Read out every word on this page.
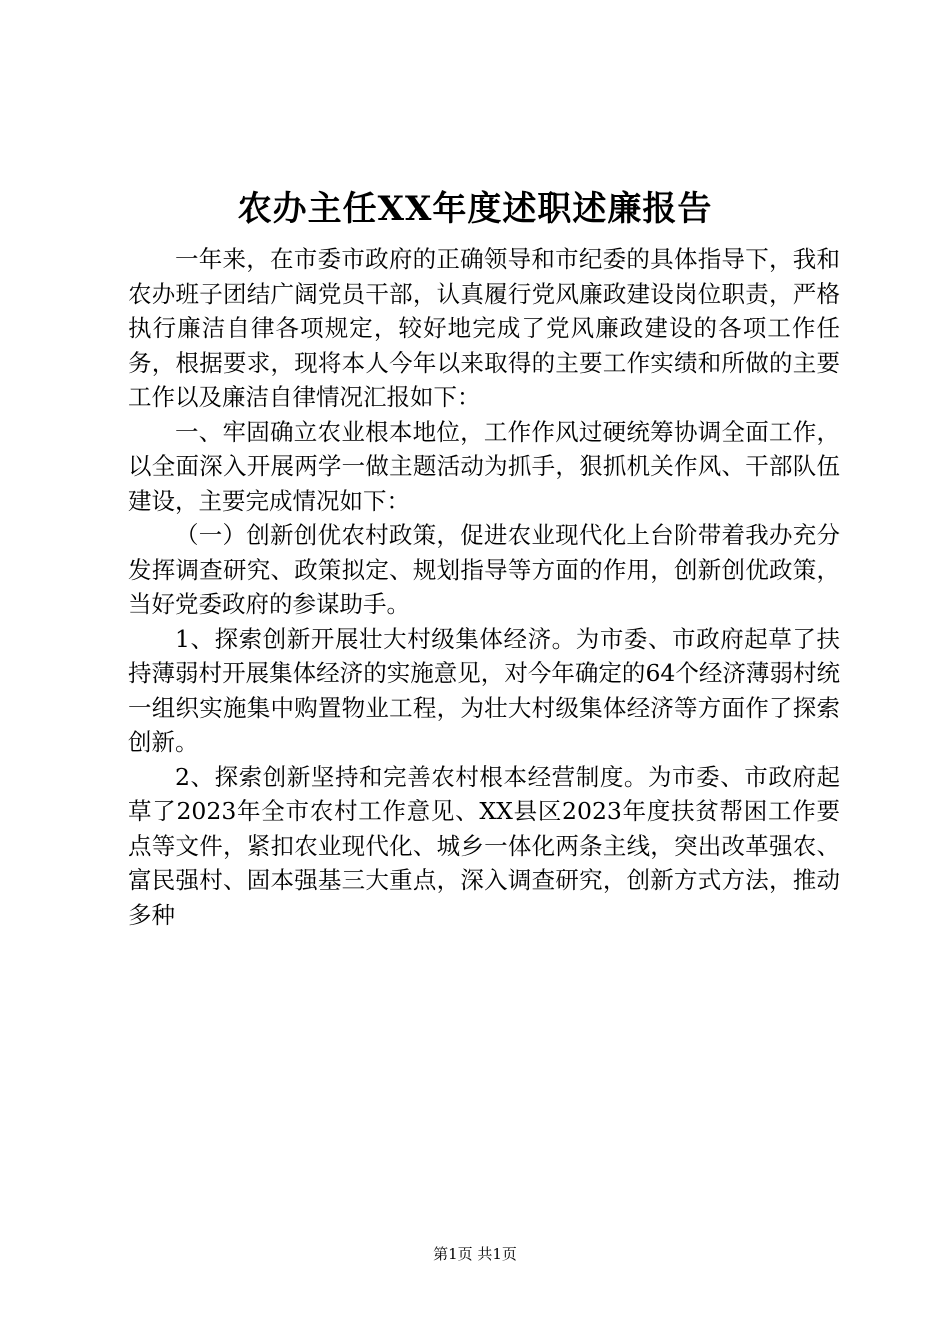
农办主任XX年度述职述廉报告

一年来，在市委市政府的正确领导和市纪委的具体指导下，我和农办班子团结广阔党员干部，认真履行党风廉政建设岗位职责，严格执行廉洁自律各项规定，较好地完成了党风廉政建设的各项工作任务，根据要求，现将本人今年以来取得的主要工作实绩和所做的主要工作以及廉洁自律情况汇报如下：

一、牢固确立农业根本地位，工作作风过硬统筹协调全面工作，以全面深入开展两学一做主题活动为抓手，狠抓机关作风、干部队伍建设，主要完成情况如下：

（一）创新创优农村政策，促进农业现代化上台阶带着我办充分发挥调查研究、政策拟定、规划指导等方面的作用，创新创优政策，当好党委政府的参谋助手。

1、探索创新开展壮大村级集体经济。为市委、市政府起草了扶持薄弱村开展集体经济的实施意见，对今年确定的64个经济薄弱村统一组织实施集中购置物业工程，为壮大村级集体经济等方面作了探索创新。

2、探索创新坚持和完善农村根本经营制度。为市委、市政府起草了2023年全市农村工作意见、XX县区2023年度扶贫帮困工作要点等文件，紧扣农业现代化、城乡一体化两条主线，突出改革强农、富民强村、固本强基三大重点，深入调查研究，创新方式方法，推动多种

第1页 共1页
